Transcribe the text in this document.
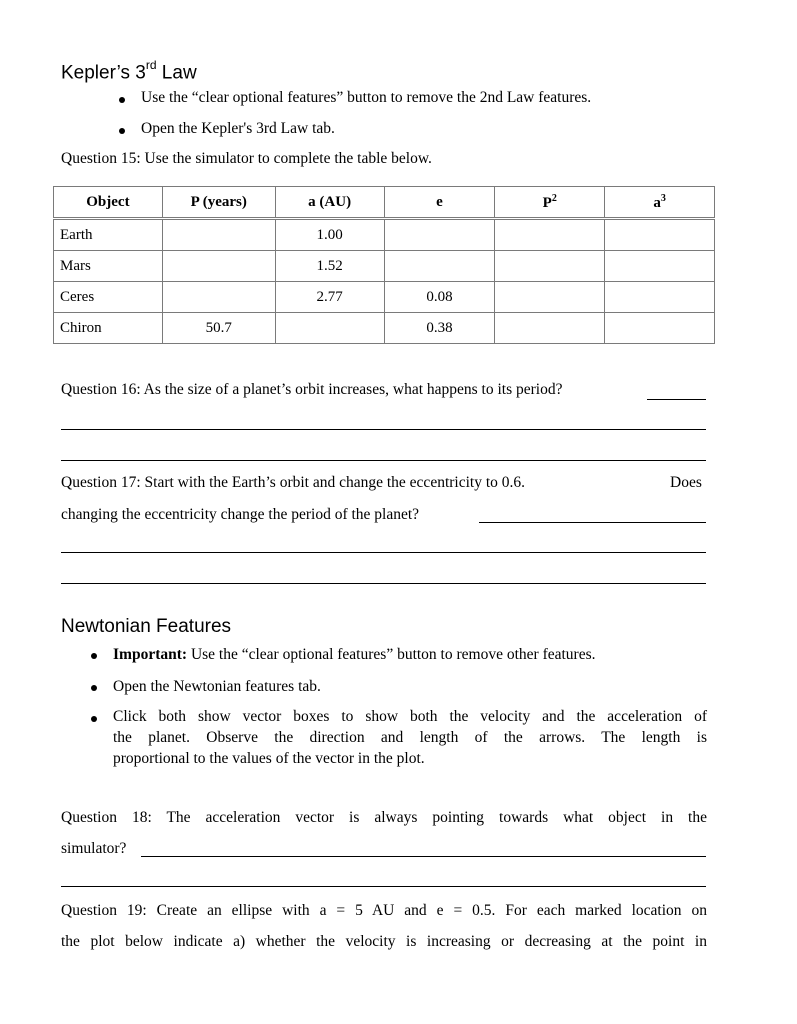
Kepler’s 3rd Law
Use the “clear optional features” button to remove the 2nd Law features.
Open the Kepler's 3rd Law tab.
Question 15: Use the simulator to complete the table below.
Object	P (years)	a (AU)	e	$P^2$	$a^3$
Earth		1.00			
Mars		1.52			
Ceres		2.77	0.08		
Chiron	50.7		0.38		
Question 16: As the size of a planet’s orbit increases, what happens to its period?
Question 17: Start with the Earth’s orbit and change the eccentricity to 0.6.	Does
changing the eccentricity change the period of the planet?
Newtonian Features
Important: Use the “clear optional features” button to remove other features.
Open the Newtonian features tab.
Click both show vector boxes to show both the velocity and the acceleration of
the planet. Observe the direction and length of the arrows. The length is
proportional to the values of the vector in the plot.
Question 18: The acceleration vector is always pointing towards what object in the
simulator?
Question 19: Create an ellipse with a = 5 AU and e = 0.5. For each marked location on
the plot below indicate a) whether the velocity is increasing or decreasing at the point in
